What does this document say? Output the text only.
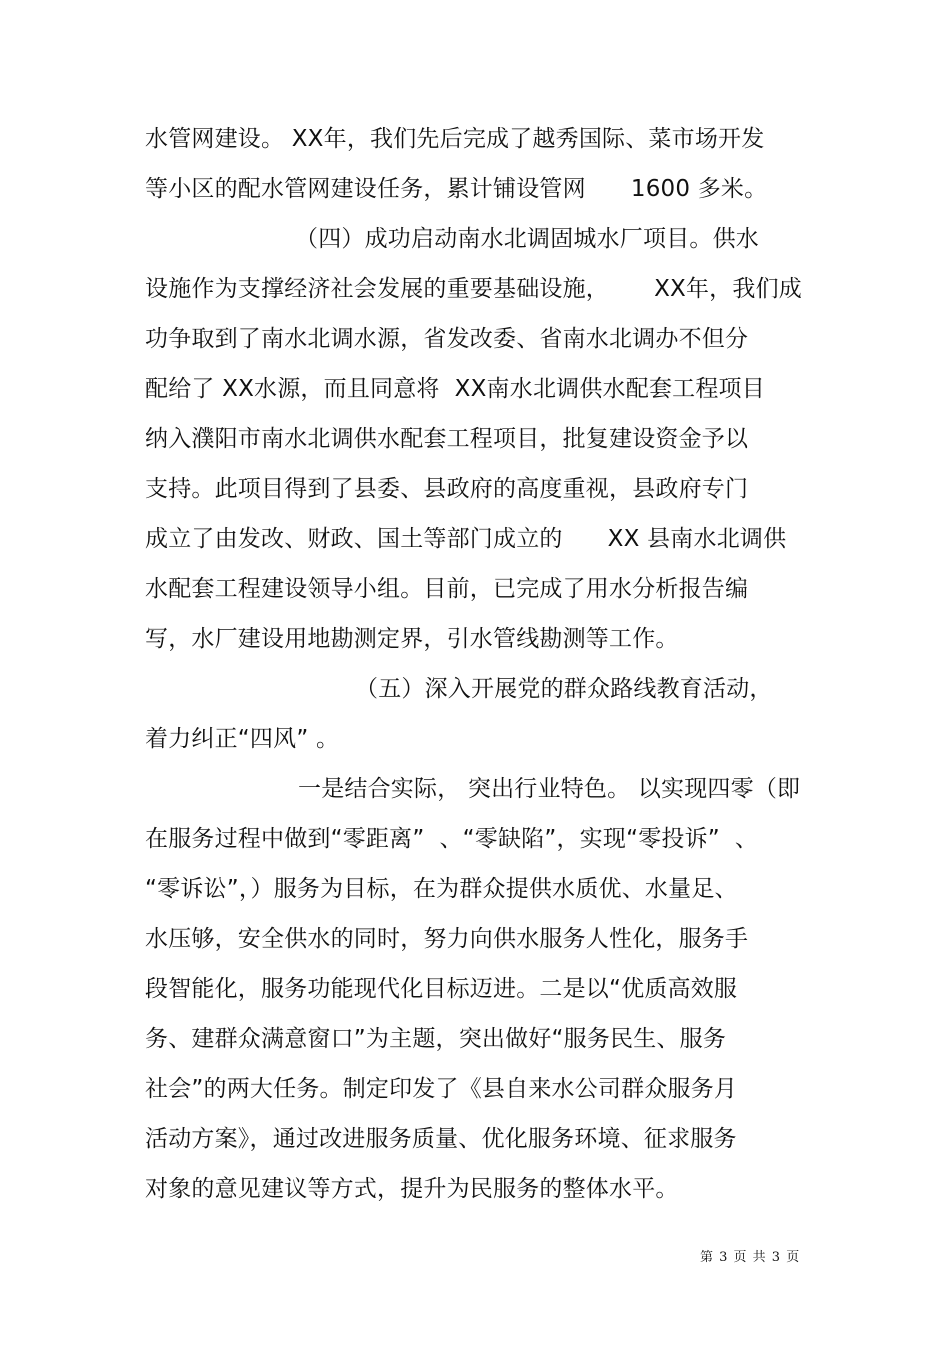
水管网建设。 XX年，我们先后完成了越秀国际、菜市场开发
等小区的配水管网建设任务，累计铺设管网      1600 多米。
（四）成功启动南水北调固城水厂项目。供水
设施作为支撑经济社会发展的重要基础设施，      XX年，我们成
功争取到了南水北调水源，省发改委、省南水北调办不但分
配给了 XX水源，而且同意将  XX南水北调供水配套工程项目
纳入濮阳市南水北调供水配套工程项目，批复建设资金予以
支持。此项目得到了县委、县政府的高度重视，县政府专门
成立了由发改、财政、国土等部门成立的      XX 县南水北调供
水配套工程建设领导小组。目前，已完成了用水分析报告编
写，水厂建设用地勘测定界，引水管线勘测等工作。
（五）深入开展党的群众路线教育活动，
着力纠正“四风” 。
一是结合实际， 突出行业特色。 以实现四零（即
在服务过程中做到“零距离”  、“零缺陷”，实现“零投诉”  、
“零诉讼”，）服务为目标，在为群众提供水质优、水量足、
水压够，安全供水的同时，努力向供水服务人性化，服务手
段智能化，服务功能现代化目标迈进。二是以“优质高效服
务、建群众满意窗口”为主题，突出做好“服务民生、服务
社会”的两大任务。制定印发了《县自来水公司群众服务月
活动方案》，通过改进服务质量、优化服务环境、征求服务
对象的意见建议等方式，提升为民服务的整体水平。
第 3 页 共 3 页
